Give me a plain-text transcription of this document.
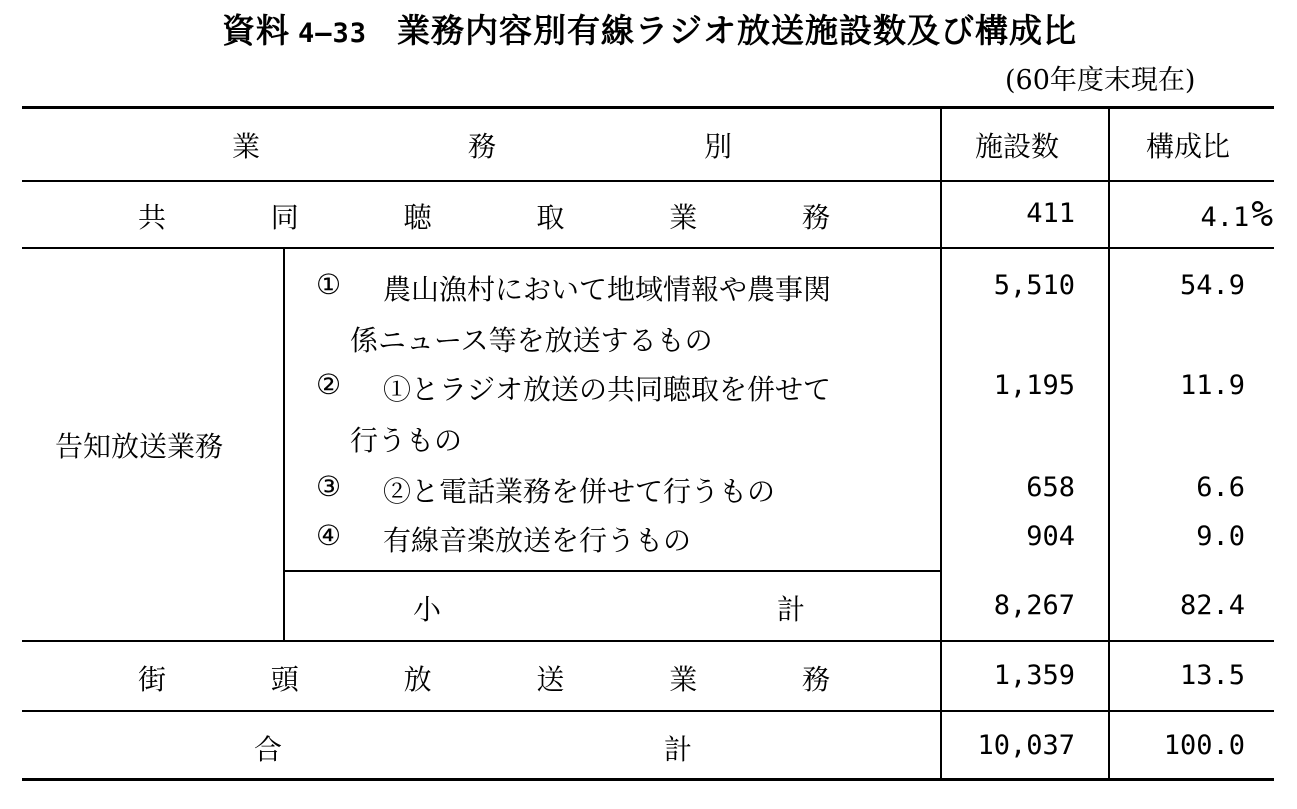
資料 4—33 業務内容別有線ラジオ放送施設数及び構成比
(60年度末現在)
業	務	別	施設数	構成比
共	同	聴	取	業	務	411	4.1%
告知放送業務
① 農山漁村において地域情報や農事関
係ニュース等を放送するもの
5,510	54.9
② ①とラジオ放送の共同聴取を併せて
行うもの
1,195	11.9
③ ②と電話業務を併せて行うもの	658	6.6
④ 有線音楽放送を行うもの	904	9.0
小	計	8,267	82.4
街	頭	放	送	業	務	1,359	13.5
合	計	10,037	100.0
